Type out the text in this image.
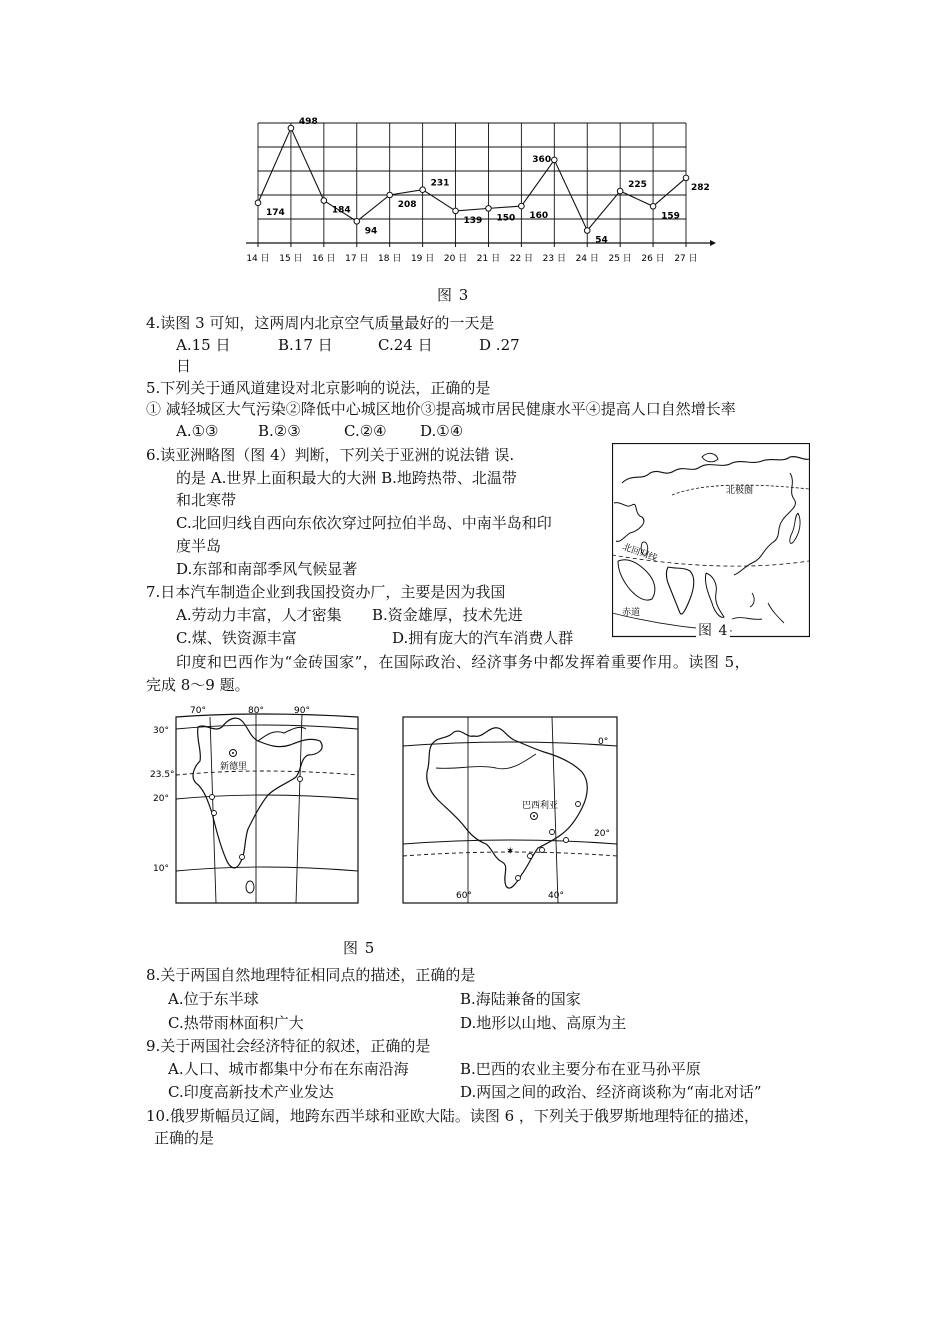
14 日 15 日 16 日 17 日 18 日 19 日 20 日 21 日 22 日 23 日 24 日 25 日 26 日 27 日
174
498
184
94
208
231
139 150 160
360
54
225
159
282
图 3
4.读图 3 可知，这两周内北京空气质量最好的一天是
A.15 日	B.17 日	C.24 日	D .27
日
5.下列关于通风道建设对北京影响的说法，正确的是
① 减轻城区大气污染②降低中心城区地价③提高城市居民健康水平④提高人口自然增长率
A.①③	B.②③	C.②④ D.①④
6.读亚洲略图（图 4）判断，下列关于亚洲的说法错 误.
的是 A.世界上面积最大的大洲 B.地跨热带、北温带
和北寒带
C.北回归线自西向东依次穿过阿拉伯半岛、中南半岛和印
度半岛
D.东部和南部季风气候显著
北极圈
北回归线
赤道
图 4
7.日本汽车制造企业到我国投资办厂，主要是因为我国
A.劳动力丰富，人才密集 B.资金雄厚，技术先进
C.煤、铁资源丰富	D.拥有庞大的汽车消费人群
印度和巴西作为“金砖国家”，在国际政治、经济事务中都发挥着重要作用。读图 5，
完成 8～9 题。
新德里
70°	80°	90°
30°
23.5°
20°
10°
✶
巴西利亚
0°
20°
60°	40°
图 5
8.关于两国自然地理特征相同点的描述，正确的是
A.位于东半球	B.海陆兼备的国家
C.热带雨林面积广大	D.地形以山地、高原为主
9.关于两国社会经济特征的叙述，正确的是
A.人口、城市都集中分布在东南沿海	B.巴西的农业主要分布在亚马孙平原
C.印度高新技术产业发达	D.两国之间的政治、经济商谈称为“南北对话”
10.俄罗斯幅员辽阔，地跨东西半球和亚欧大陆。读图 6 ，下列关于俄罗斯地理特征的描述，
正确的是
